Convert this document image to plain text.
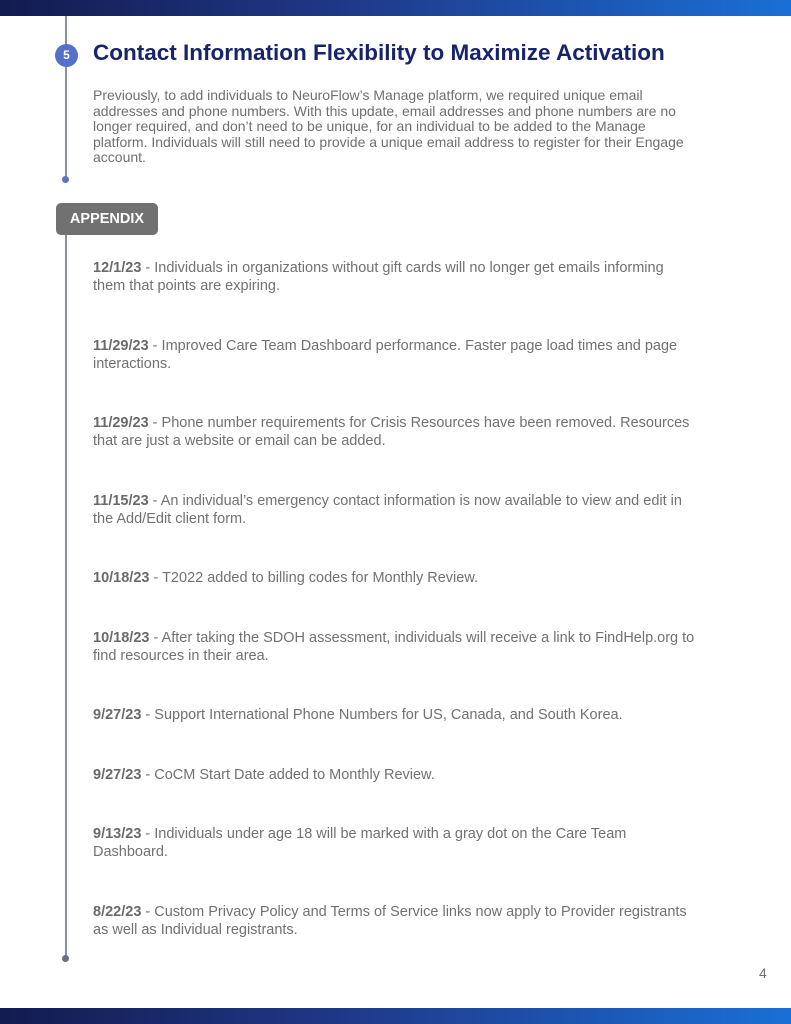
5	Contact Information Flexibility to Maximize Activation

Previously, to add individuals to NeuroFlow’s Manage platform, we required unique email addresses and phone numbers. With this update, email addresses and phone numbers are no longer required, and don’t need to be unique, for an individual to be added to the Manage platform. Individuals will still need to provide a unique email address to register for their Engage account.

APPENDIX

12/1/23 - Individuals in organizations without gift cards will no longer get emails informing them that points are expiring.

11/29/23 - Improved Care Team Dashboard performance. Faster page load times and page interactions.

11/29/23 - Phone number requirements for Crisis Resources have been removed. Resources that are just a website or email can be added.

11/15/23 - An individual’s emergency contact information is now available to view and edit in the Add/Edit client form.

10/18/23 - T2022 added to billing codes for Monthly Review.

10/18/23 - After taking the SDOH assessment, individuals will receive a link to FindHelp.org to find resources in their area.

9/27/23 - Support International Phone Numbers for US, Canada, and South Korea.

9/27/23 - CoCM Start Date added to Monthly Review.

9/13/23 - Individuals under age 18 will be marked with a gray dot on the Care Team Dashboard.

8/22/23 - Custom Privacy Policy and Terms of Service links now apply to Provider registrants as well as Individual registrants.

4
